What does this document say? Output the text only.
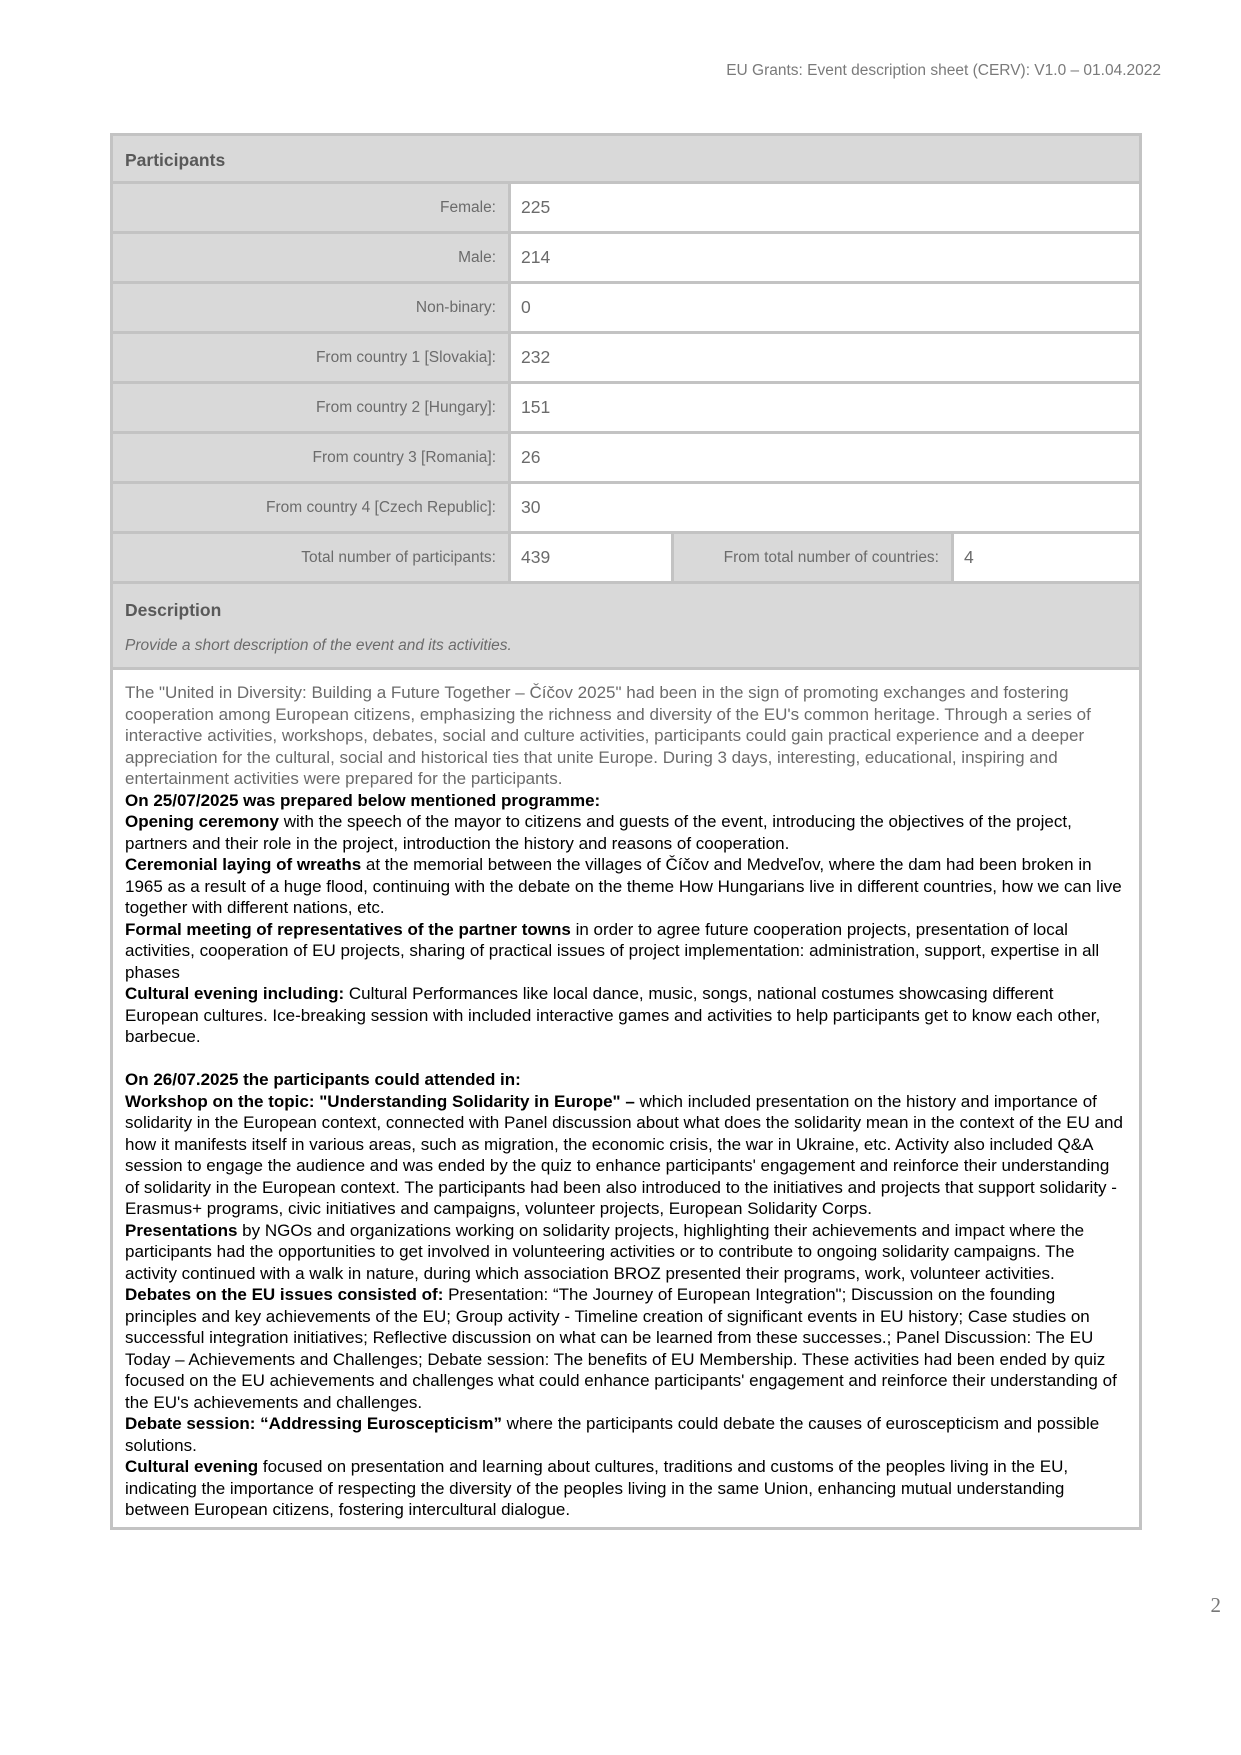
EU Grants: Event description sheet (CERV): V1.0 – 01.04.2022
Participants
Female:	225
Male:	214
Non-binary:	0
From country 1 [Slovakia]:	232
From country 2 [Hungary]:	151
From country 3 [Romania]:	26
From country 4 [Czech Republic]:	30
Total number of participants:	439	From total number of countries:	4
Description
Provide a short description of the event and its activities.

The "United in Diversity: Building a Future Together – Číčov 2025" had been in the sign of promoting exchanges and fostering cooperation among European citizens, emphasizing the richness and diversity of the EU's common heritage. Through a series of interactive activities, workshops, debates, social and culture activities, participants could gain practical experience and a deeper appreciation for the cultural, social and historical ties that unite Europe. During 3 days, interesting, educational, inspiring and entertainment activities were prepared for the participants.

On 25/07/2025 was prepared below mentioned programme:

Opening ceremony with the speech of the mayor to citizens and guests of the event, introducing the objectives of the project, partners and their role in the project, introduction the history and reasons of cooperation.

Ceremonial laying of wreaths at the memorial between the villages of Číčov and Medveľov, where the dam had been broken in 1965 as a result of a huge flood, continuing with the debate on the theme How Hungarians live in different countries, how we can live together with different nations, etc.

Formal meeting of representatives of the partner towns in order to agree future cooperation projects, presentation of local activities, cooperation of EU projects, sharing of practical issues of project implementation: administration, support, expertise in all phases

Cultural evening including: Cultural Performances like local dance, music, songs, national costumes showcasing different European cultures. Ice-breaking session with included interactive games and activities to help participants get to know each other, barbecue.

On 26/07.2025 the participants could attended in:

Workshop on the topic: "Understanding Solidarity in Europe" – which included presentation on the history and importance of solidarity in the European context, connected with Panel discussion about what does the solidarity mean in the context of the EU and how it manifests itself in various areas, such as migration, the economic crisis, the war in Ukraine, etc. Activity also included Q&A session to engage the audience and was ended by the quiz to enhance participants' engagement and reinforce their understanding of solidarity in the European context. The participants had been also introduced to the initiatives and projects that support solidarity - Erasmus+ programs, civic initiatives and campaigns, volunteer projects, European Solidarity Corps.

Presentations by NGOs and organizations working on solidarity projects, highlighting their achievements and impact where the participants had the opportunities to get involved in volunteering activities or to contribute to ongoing solidarity campaigns. The activity continued with a walk in nature, during which association BROZ presented their programs, work, volunteer activities.

Debates on the EU issues consisted of: Presentation: “The Journey of European Integration"; Discussion on the founding principles and key achievements of the EU; Group activity - Timeline creation of significant events in EU history; Case studies on successful integration initiatives; Reflective discussion on what can be learned from these successes.; Panel Discussion: The EU Today – Achievements and Challenges; Debate session: The benefits of EU Membership. These activities had been ended by quiz focused on the EU achievements and challenges what could enhance participants' engagement and reinforce their understanding of the EU's achievements and challenges.

Debate session: “Addressing Euroscepticism” where the participants could debate the causes of euroscepticism and possible solutions.

Cultural evening focused on presentation and learning about cultures, traditions and customs of the peoples living in the EU, indicating the importance of respecting the diversity of the peoples living in the same Union, enhancing mutual understanding between European citizens, fostering intercultural dialogue.

2
